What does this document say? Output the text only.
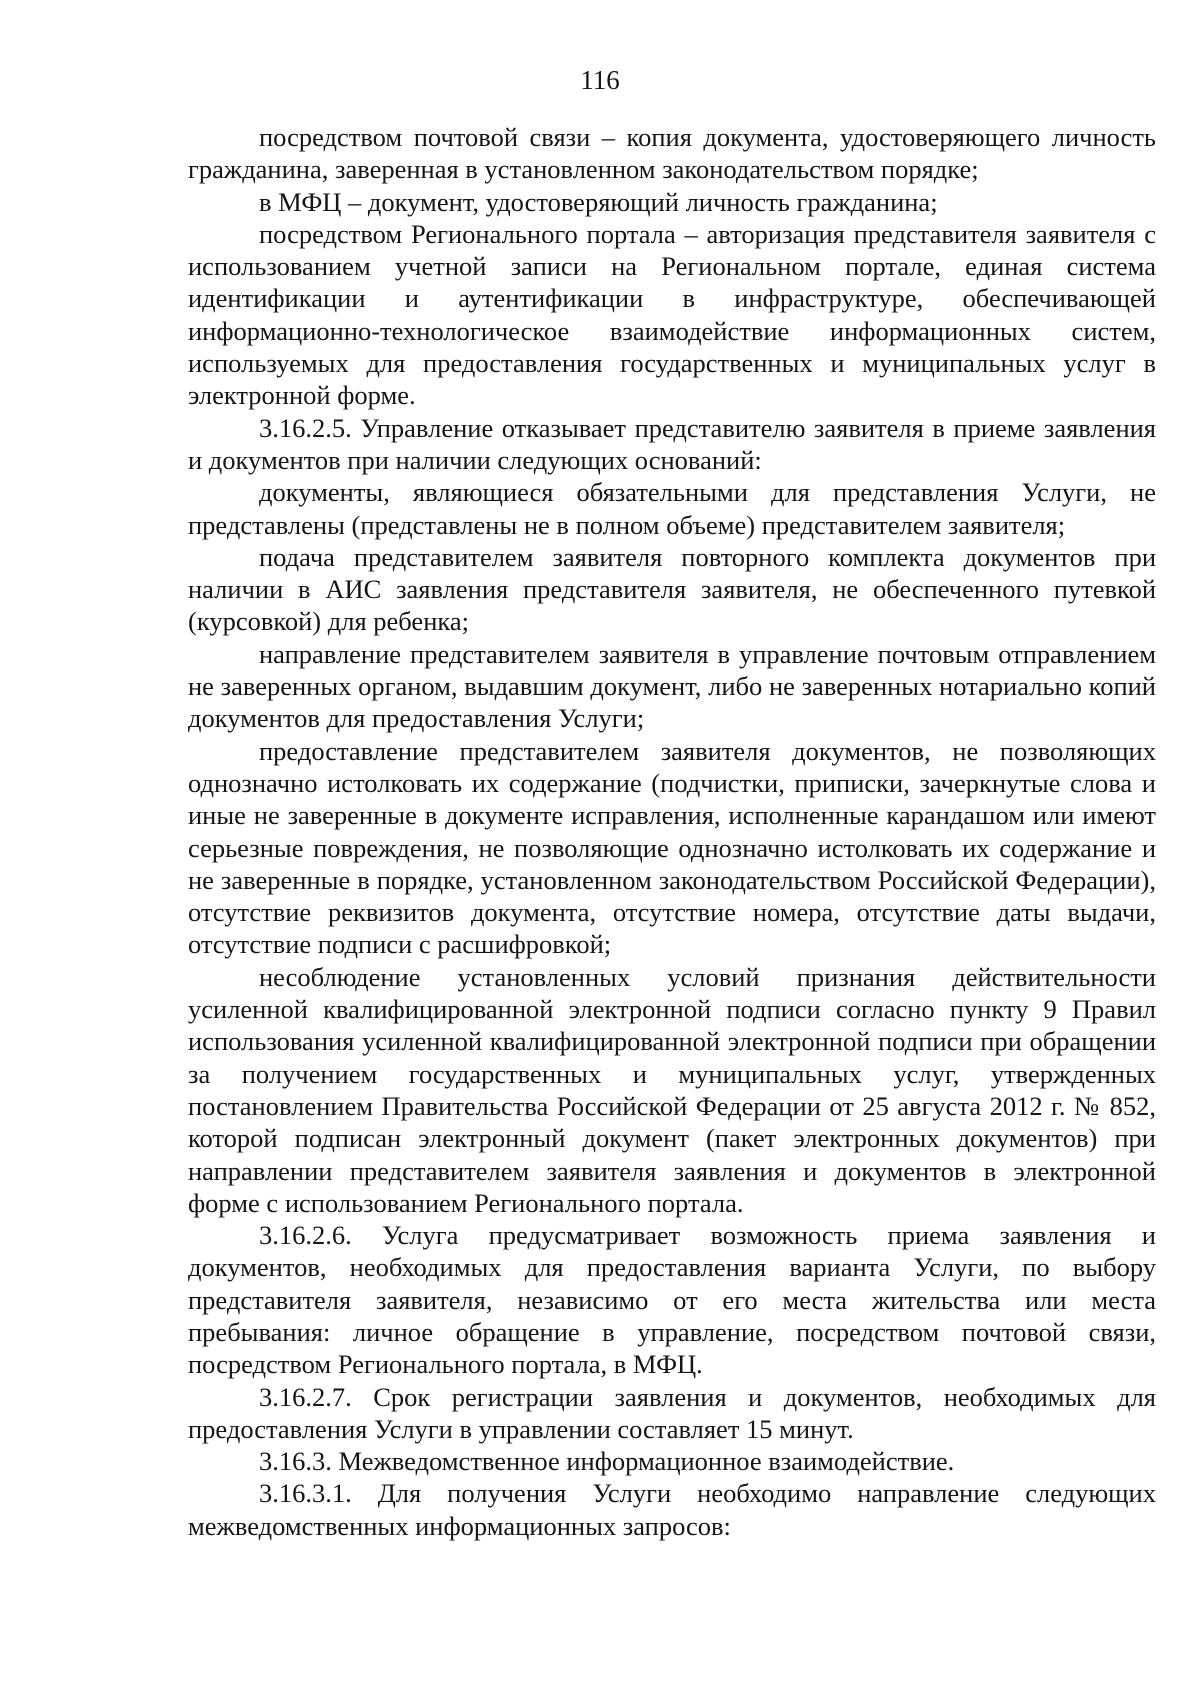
116

посредством почтовой связи – копия документа, удостоверяющего личность гражданина, заверенная в установленном законодательством порядке;

в МФЦ – документ, удостоверяющий личность гражданина;

посредством Регионального портала – авторизация представителя заявителя с использованием учетной записи на Региональном портале, единая система идентификации и аутентификации в инфраструктуре, обеспечивающей информационно-технологическое взаимодействие информационных систем, используемых для предоставления государственных и муниципальных услуг в электронной форме.

3.16.2.5. Управление отказывает представителю заявителя в приеме заявления и документов при наличии следующих оснований:

документы, являющиеся обязательными для представления Услуги, не представлены (представлены не в полном объеме) представителем заявителя;

подача представителем заявителя повторного комплекта документов при наличии в АИС заявления представителя заявителя, не обеспеченного путевкой (курсовкой) для ребенка;

направление представителем заявителя в управление почтовым отправлением не заверенных органом, выдавшим документ, либо не заверенных нотариально копий документов для предоставления Услуги;

предоставление представителем заявителя документов, не позволяющих однозначно истолковать их содержание (подчистки, приписки, зачеркнутые слова и иные не заверенные в документе исправления, исполненные карандашом или имеют серьезные повреждения, не позволяющие однозначно истолковать их содержание и не заверенные в порядке, установленном законодательством Российской Федерации), отсутствие реквизитов документа, отсутствие номера, отсутствие даты выдачи, отсутствие подписи с расшифровкой;

несоблюдение установленных условий признания действительности усиленной квалифицированной электронной подписи согласно пункту 9 Правил использования усиленной квалифицированной электронной подписи при обращении за получением государственных и муниципальных услуг, утвержденных постановлением Правительства Российской Федерации от 25 августа 2012 г. № 852, которой подписан электронный документ (пакет электронных документов) при направлении представителем заявителя заявления и документов в электронной форме с использованием Регионального портала.

3.16.2.6. Услуга предусматривает возможность приема заявления и документов, необходимых для предоставления варианта Услуги, по выбору представителя заявителя, независимо от его места жительства или места пребывания: личное обращение в управление, посредством почтовой связи, посредством Регионального портала, в МФЦ.

3.16.2.7. Срок регистрации заявления и документов, необходимых для предоставления Услуги в управлении составляет 15 минут.

3.16.3. Межведомственное информационное взаимодействие.

3.16.3.1. Для получения Услуги необходимо направление следующих межведомственных информационных запросов:
